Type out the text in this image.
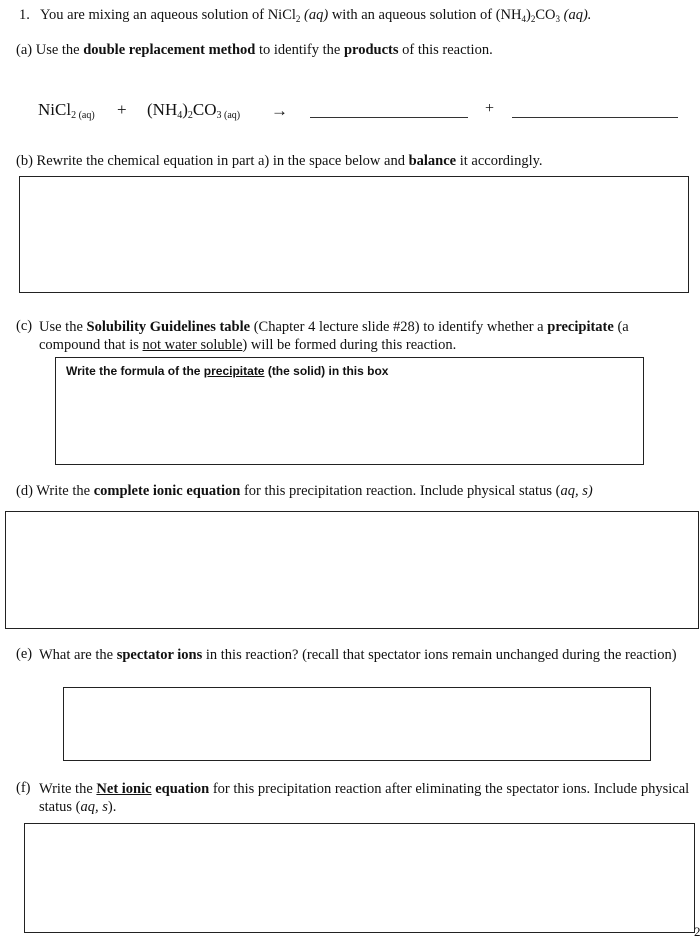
1. You are mixing an aqueous solution of NiCl$_2$ (aq) with an aqueous solution of $(NH_4)_2CO_3$ (aq).
(a) Use the double replacement method to identify the products of this reaction.
NiCl$_{2 (aq)}$ + $(NH_4)_2CO_{3 (aq)}$ →	+
(b) Rewrite the chemical equation in part a) in the space below and balance it accordingly.
(c) Use the Solubility Guidelines table (Chapter 4 lecture slide #28) to identify whether a precipitate (a compound that is not water soluble) will be formed during this reaction.
Write the formula of the precipitate (the solid) in this box
(d) Write the complete ionic equation for this precipitation reaction. Include physical status (aq, s)
(e) What are the spectator ions in this reaction? (recall that spectator ions remain unchanged during the reaction)
(f) Write the Net ionic equation for this precipitation reaction after eliminating the spectator ions. Include physical status (aq, s).
2
